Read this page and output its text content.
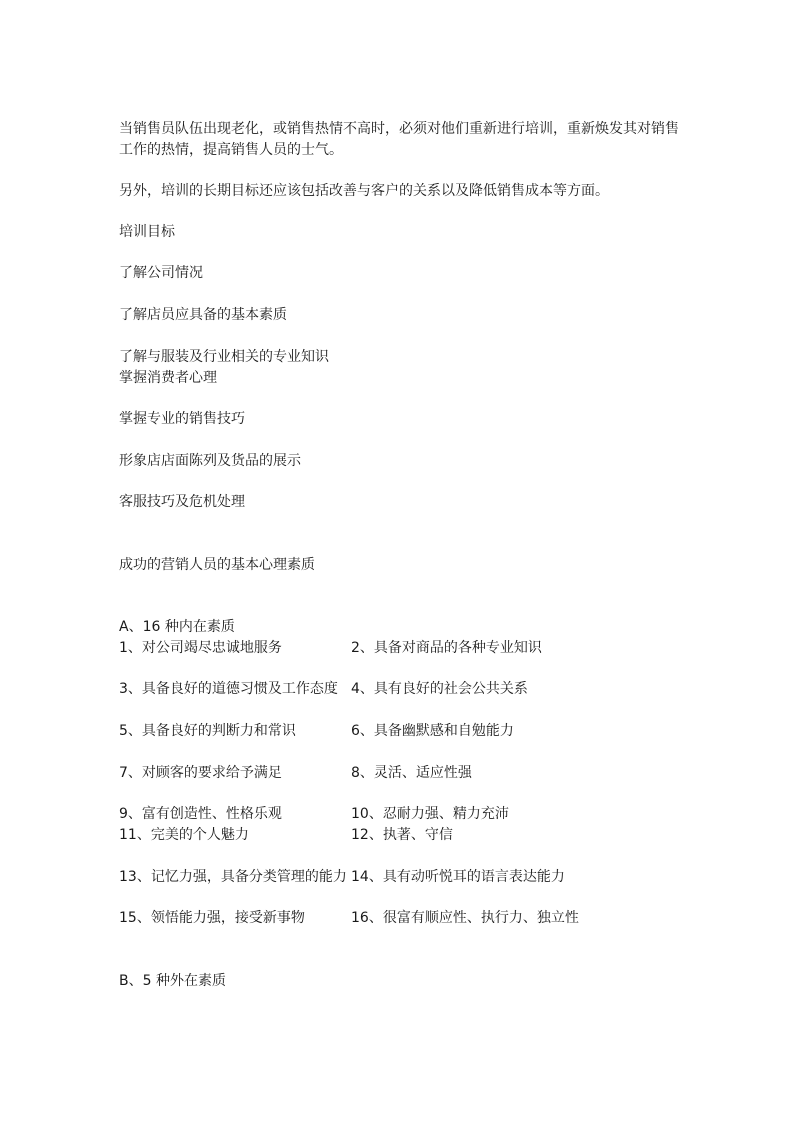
当销售员队伍出现老化，或销售热情不高时，必须对他们重新进行培训，重新焕发其对销售
工作的热情，提高销售人员的士气。
另外，培训的长期目标还应该包括改善与客户的关系以及降低销售成本等方面。
培训目标
了解公司情况
了解店员应具备的基本素质
了解与服装及行业相关的专业知识
掌握消费者心理
掌握专业的销售技巧
形象店店面陈列及货品的展示
客服技巧及危机处理
成功的营销人员的基本心理素质
A、16 种内在素质
1、对公司竭尽忠诚地服务	2、具备对商品的各种专业知识
3、具备良好的道德习惯及工作态度 4、具有良好的社会公共关系
5、具备良好的判断力和常识	6、具备幽默感和自勉能力
7、对顾客的要求给予满足	8、灵活、适应性强
9、富有创造性、性格乐观	10、忍耐力强、精力充沛
11、完美的个人魅力	12、执著、守信
13、记忆力强，具备分类管理的能力 14、具有动听悦耳的语言表达能力
15、领悟能力强，接受新事物	16、很富有顺应性、执行力、独立性
B、5 种外在素质
